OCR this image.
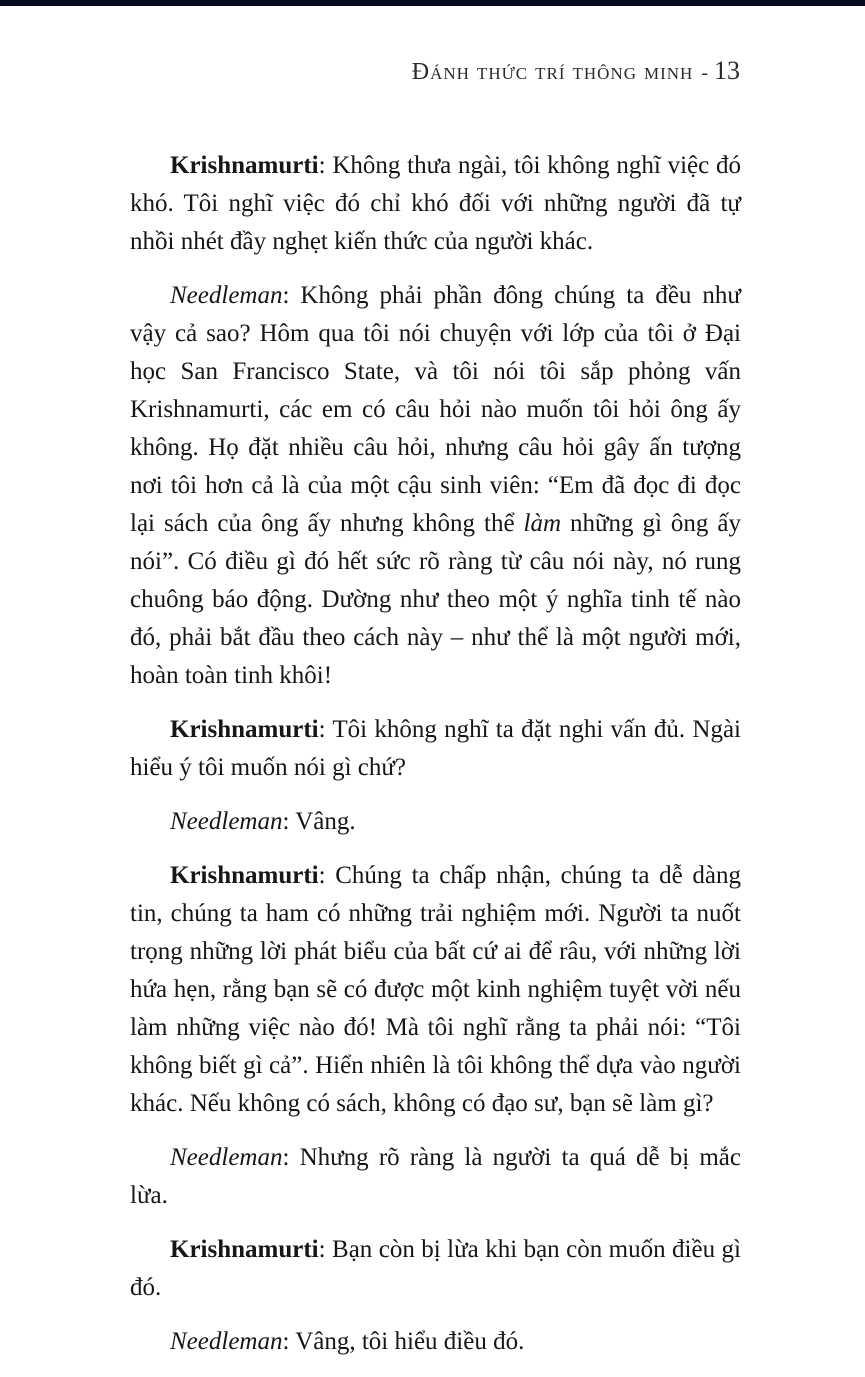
Đánh thức trí thông minh - 13

Krishnamurti: Không thưa ngài, tôi không nghĩ việc đó khó. Tôi nghĩ việc đó chỉ khó đối với những người đã tự nhồi nhét đầy nghẹt kiến thức của người khác.

Needleman: Không phải phần đông chúng ta đều như vậy cả sao? Hôm qua tôi nói chuyện với lớp của tôi ở Đại học San Francisco State, và tôi nói tôi sắp phỏng vấn Krishnamurti, các em có câu hỏi nào muốn tôi hỏi ông ấy không. Họ đặt nhiều câu hỏi, nhưng câu hỏi gây ấn tượng nơi tôi hơn cả là của một cậu sinh viên: “Em đã đọc đi đọc lại sách của ông ấy nhưng không thể làm những gì ông ấy nói”. Có điều gì đó hết sức rõ ràng từ câu nói này, nó rung chuông báo động. Dường như theo một ý nghĩa tinh tế nào đó, phải bắt đầu theo cách này – như thể là một người mới, hoàn toàn tinh khôi!

Krishnamurti: Tôi không nghĩ ta đặt nghi vấn đủ. Ngài hiểu ý tôi muốn nói gì chứ?

Needleman: Vâng.

Krishnamurti: Chúng ta chấp nhận, chúng ta dễ dàng tin, chúng ta ham có những trải nghiệm mới. Người ta nuốt trọng những lời phát biểu của bất cứ ai để râu, với những lời hứa hẹn, rằng bạn sẽ có được một kinh nghiệm tuyệt vời nếu làm những việc nào đó! Mà tôi nghĩ rằng ta phải nói: “Tôi không biết gì cả”. Hiển nhiên là tôi không thể dựa vào người khác. Nếu không có sách, không có đạo sư, bạn sẽ làm gì?

Needleman: Nhưng rõ ràng là người ta quá dễ bị mắc lừa.

Krishnamurti: Bạn còn bị lừa khi bạn còn muốn điều gì đó.

Needleman: Vâng, tôi hiểu điều đó.
